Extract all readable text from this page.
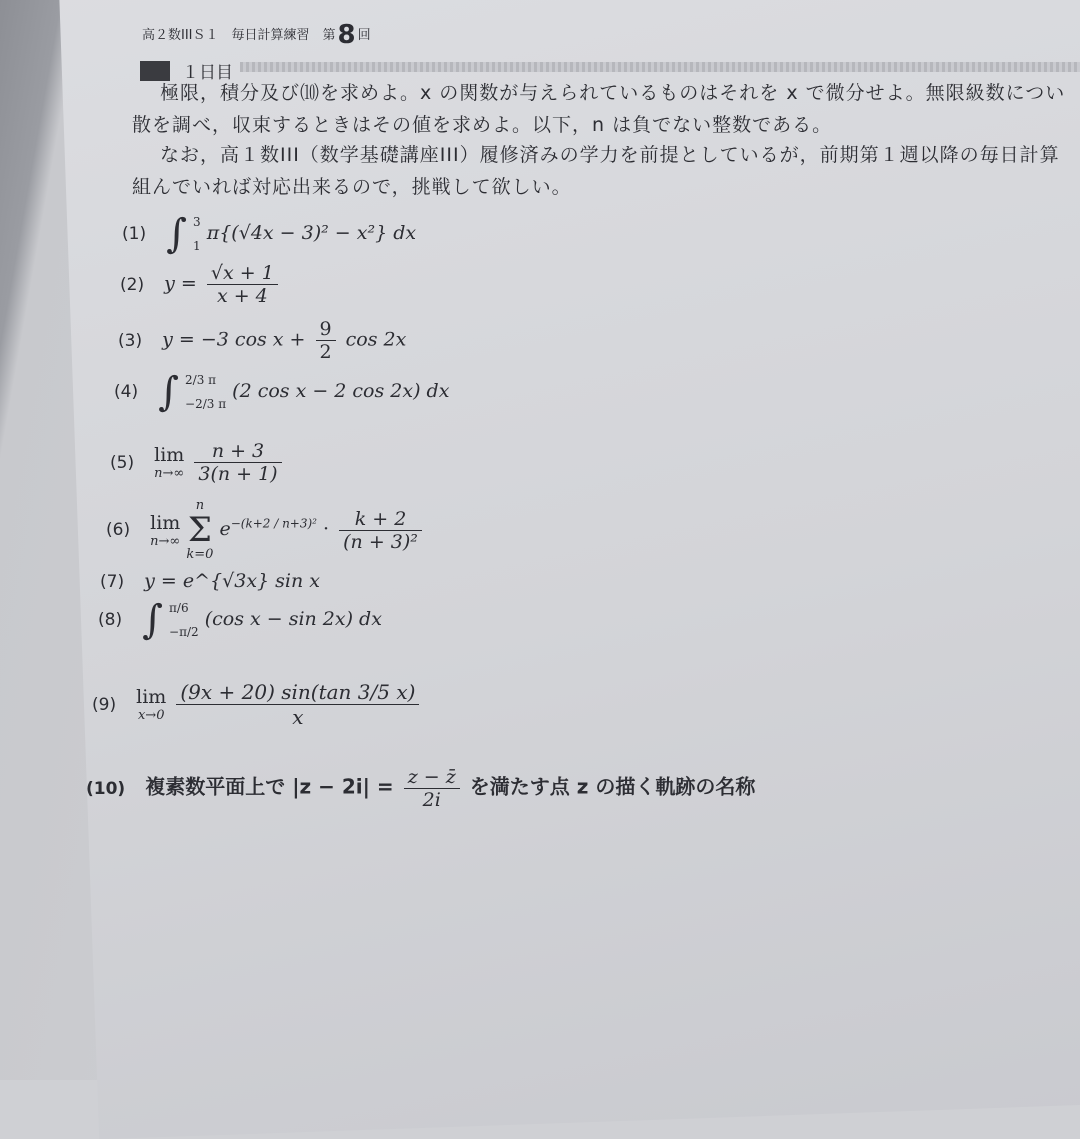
高２数IIIＳ１　毎日計算練習　第8 回
１日目
極限，積分及び⑽を求めよ。x の関数が与えられているものはそれを x で微分せよ。無限級数につい
散を調べ，収束するときはその値を求めよ。以下，n は負でない整数である。
なお，高１数III（数学基礎講座III）履修済みの学力を前提としているが，前期第１週以降の毎日計算
組んでいれば対応出来るので，挑戦して欲しい。
(1) ∫ 3
1
π{(√4x − 3)² − x²} dx
(2) $y = \frac{√x + 1}{x + 4}$
(3) y = −3 $\cos x + \frac{9}{2}$ cos 2x
(4) ∫ 2/3 π
−2/3 π
(2 cos x − 2 cos 2x) dx
(5) lim
n→∞
$\frac{n + 3}{3(n + 1)}$
(6) lim
n→∞

n
Σ
k=0
$e^{-(k+2 / n+3)^2} \cdot \frac{k + 2}{\text{(n + 3)²}}$
(7) y = e^{√3x} sin x
(8) ∫ π/6
−π/2
(cos x − sin 2x) dx
(9) lim
x→0
$\frac{(9x + 20) \sin(\tan 3/5 x)}{x}$
(10) 複素数平面上で $|z - 2i| = \frac{z - z̄}{2i}$ を満たす点 z の描く軌跡の名称
